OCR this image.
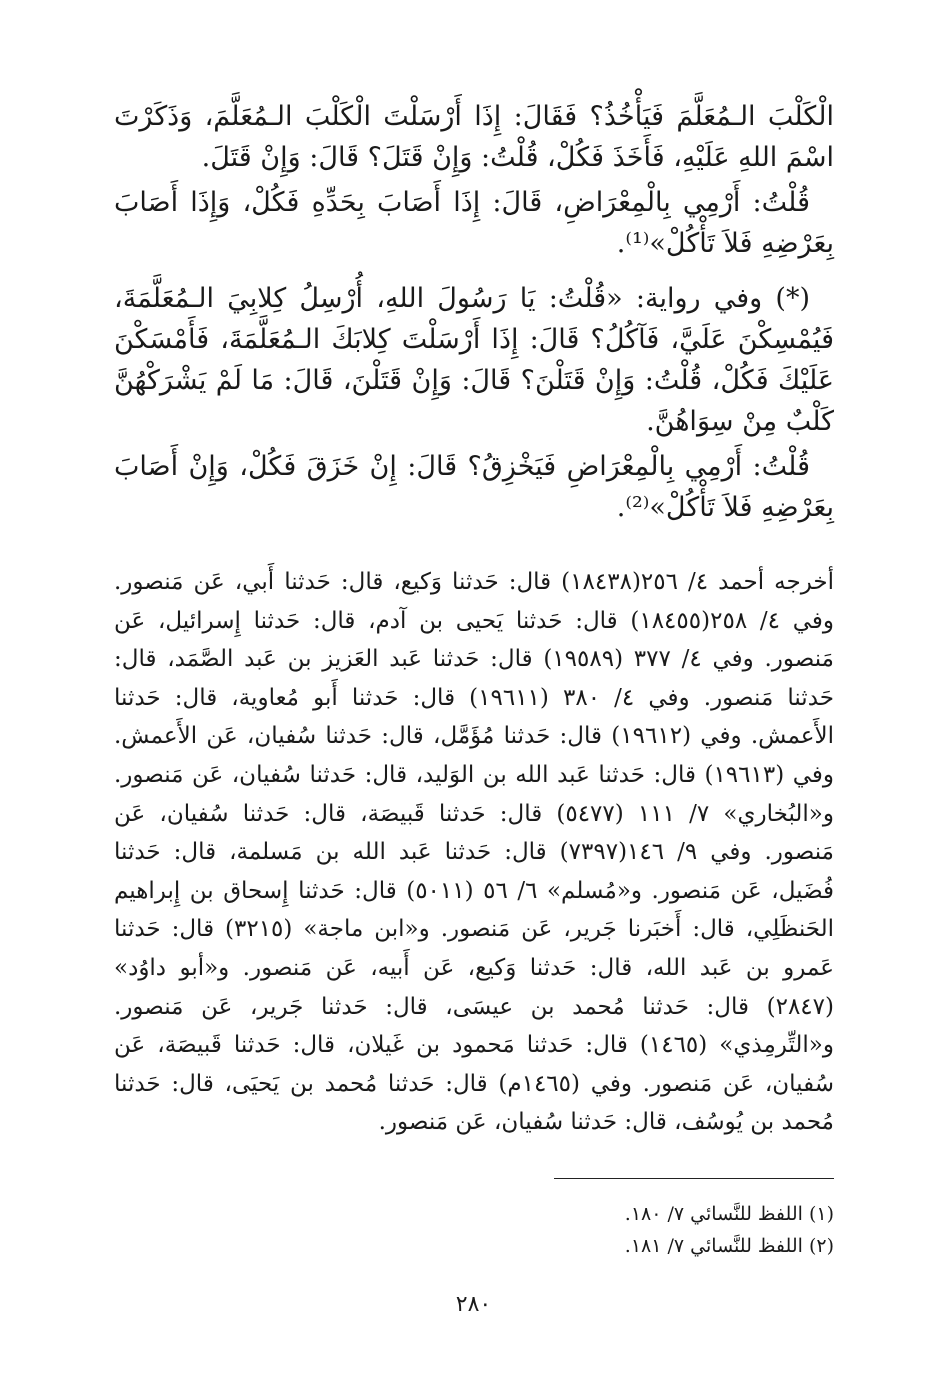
الْكَلْبَ الـمُعَلَّمَ فَيَأْخُذُ؟ فَقَالَ: إِذَا أَرْسَلْتَ الْكَلْبَ الـمُعَلَّمَ، وَذَكَرْتَ اسْمَ اللهِ عَلَيْهِ، فَأَخَذَ فَكُلْ، قُلْتُ: وَإِنْ قَتَلَ؟ قَالَ: وَإِنْ قَتَلَ.

قُلْتُ: أَرْمِي بِالْمِعْرَاضِ، قَالَ: إِذَا أَصَابَ بِحَدِّهِ فَكُلْ، وَإِذَا أَصَابَ بِعَرْضِهِ فَلاَ تَأْكُلْ»⁽¹⁾.

(*) وفي رواية: «قُلْتُ: يَا رَسُولَ اللهِ، أُرْسِلُ كِلابِيَ الـمُعَلَّمَةَ، فَيُمْسِكْنَ عَلَيَّ، فَآكُلُ؟ قَالَ: إِذَا أَرْسَلْتَ كِلابَكَ الـمُعَلَّمَةَ، فَأَمْسَكْنَ عَلَيْكَ فَكُلْ، قُلْتُ: وَإِنْ قَتَلْنَ؟ قَالَ: وَإِنْ قَتَلْنَ، قَالَ: مَا لَمْ يَشْرَكْهُنَّ كَلْبٌ مِنْ سِوَاهُنَّ.

قُلْتُ: أَرْمِي بِالْمِعْرَاضِ فَيَخْزِقُ؟ قَالَ: إِنْ خَزَقَ فَكُلْ، وَإِنْ أَصَابَ بِعَرْضِهِ فَلاَ تَأْكُلْ»⁽²⁾.

أخرجه أحمد ٤/ ٢٥٦(١٨٤٣٨) قال: حَدثنا وَكيع، قال: حَدثنا أَبي، عَن مَنصور. وفي ٤/ ٢٥٨(١٨٤٥٥) قال: حَدثنا يَحيى بن آدم، قال: حَدثنا إِسرائيل، عَن مَنصور. وفي ٤/ ٣٧٧ (١٩٥٨٩) قال: حَدثنا عَبد العَزيز بن عَبد الصَّمَد، قال: حَدثنا مَنصور. وفي ٤/ ٣٨٠ (١٩٦١١) قال: حَدثنا أَبو مُعاوية، قال: حَدثنا الأَعمش. وفي (١٩٦١٢) قال: حَدثنا مُؤَمَّل، قال: حَدثنا سُفيان، عَن الأَعمش. وفي (١٩٦١٣) قال: حَدثنا عَبد الله بن الوَليد، قال: حَدثنا سُفيان، عَن مَنصور. و«البُخاري» ٧/ ١١١ (٥٤٧٧) قال: حَدثنا قَبيصَة، قال: حَدثنا سُفيان، عَن مَنصور. وفي ٩/ ١٤٦(٧٣٩٧) قال: حَدثنا عَبد الله بن مَسلمة، قال: حَدثنا فُضَيل، عَن مَنصور. و«مُسلم» ٦/ ٥٦ (٥٠١١) قال: حَدثنا إِسحاق بن إِبراهيم الحَنظَلِي، قال: أَخبَرنا جَرير، عَن مَنصور. و«ابن ماجة» (٣٢١٥) قال: حَدثنا عَمرو بن عَبد الله، قال: حَدثنا وَكيع، عَن أَبيه، عَن مَنصور. و«أبو داوُد» (٢٨٤٧) قال: حَدثنا مُحمد بن عيسَى، قال: حَدثنا جَرير، عَن مَنصور. و«التِّرمِذي» (١٤٦٥) قال: حَدثنا مَحمود بن غَيلان، قال: حَدثنا قَبيصَة، عَن سُفيان، عَن مَنصور. وفي (١٤٦٥م) قال: حَدثنا مُحمد بن يَحيَى، قال: حَدثنا مُحمد بن يُوسُف، قال: حَدثنا سُفيان، عَن مَنصور.

(١) اللفظ للنَّسائي ٧/ ١٨٠.
(٢) اللفظ للنَّسائي ٧/ ١٨١.
٢٨٠
